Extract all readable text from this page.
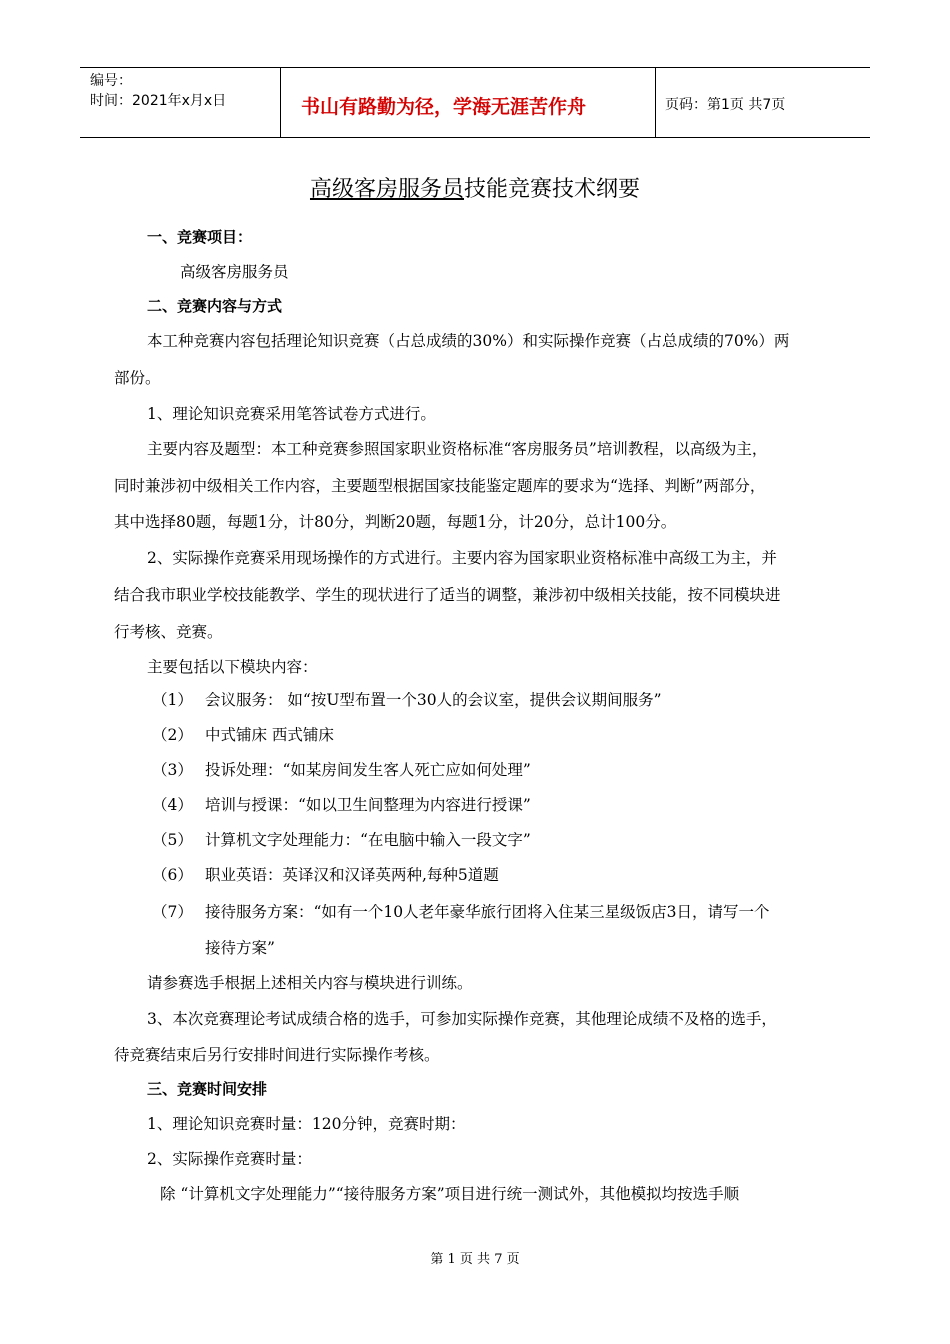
编号：
时间：2021年x月x日	书山有路勤为径，学海无涯苦作舟	页码：第1页 共7页
高级客房服务员技能竞赛技术纲要
一、竞赛项目：
高级客房服务员
二、竞赛内容与方式
本工种竞赛内容包括理论知识竞赛（占总成绩的30%）和实际操作竞赛（占总成绩的70%）两
部份。
1、理论知识竞赛采用笔答试卷方式进行。
主要内容及题型：本工种竞赛参照国家职业资格标准“客房服务员”培训教程，以高级为主，
同时兼涉初中级相关工作内容，主要题型根据国家技能鉴定题库的要求为“选择、判断”两部分，
其中选择80题，每题1分，计80分，判断20题，每题1分，计20分，总计100分。
2、实际操作竞赛采用现场操作的方式进行。主要内容为国家职业资格标准中高级工为主，并
结合我市职业学校技能教学、学生的现状进行了适当的调整，兼涉初中级相关技能，按不同模块进
行考核、竞赛。
主要包括以下模块内容：
（1） 会议服务： 如“按U型布置一个30人的会议室，提供会议期间服务”
（2） 中式铺床 西式铺床
（3） 投诉处理：“如某房间发生客人死亡应如何处理”
（4） 培训与授课：“如以卫生间整理为内容进行授课”
（5） 计算机文字处理能力：“在电脑中输入一段文字”
（6） 职业英语：英译汉和汉译英两种,每种5道题
（7） 接待服务方案：“如有一个10人老年豪华旅行团将入住某三星级饭店3日，请写一个
接待方案”
请参赛选手根据上述相关内容与模块进行训练。
3、本次竞赛理论考试成绩合格的选手，可参加实际操作竞赛，其他理论成绩不及格的选手，
待竞赛结束后另行安排时间进行实际操作考核。
三、竞赛时间安排
1、理论知识竞赛时量：120分钟，竞赛时期：
2、实际操作竞赛时量：
除 “计算机文字处理能力”“接待服务方案”项目进行统一测试外，其他模拟均按选手顺
第 1 页 共 7 页
